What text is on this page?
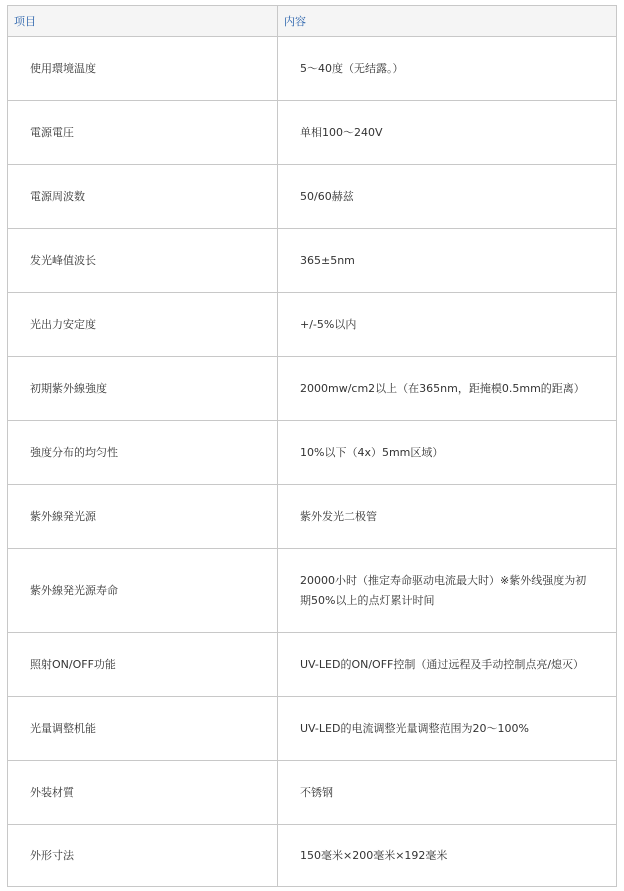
项目	内容
使用環境温度	5～40度（无结露。）
電源電圧	单相100～240V
電源周波数	50/60赫兹
发光峰值波长	365±5nm
光出力安定度	+/-5%以内
初期紫外線強度	2000mw/cm2以上（在365nm，距掩模0.5mm的距离）
強度分布的均匀性	10%以下（4x）5mm区域）
紫外線発光源	紫外发光二极管
紫外線発光源寿命	20000小时（推定寿命驱动电流最大时）※紫外线强度为初期50%以上的点灯累计时间
照射ON/OFF功能	UV-LED的ON/OFF控制（通过远程及手动控制点亮/熄灭）
光量调整机能	UV-LED的电流调整光量调整范围为20～100%
外装材質	不锈钢
外形寸法	150毫米×200毫米×192毫米
